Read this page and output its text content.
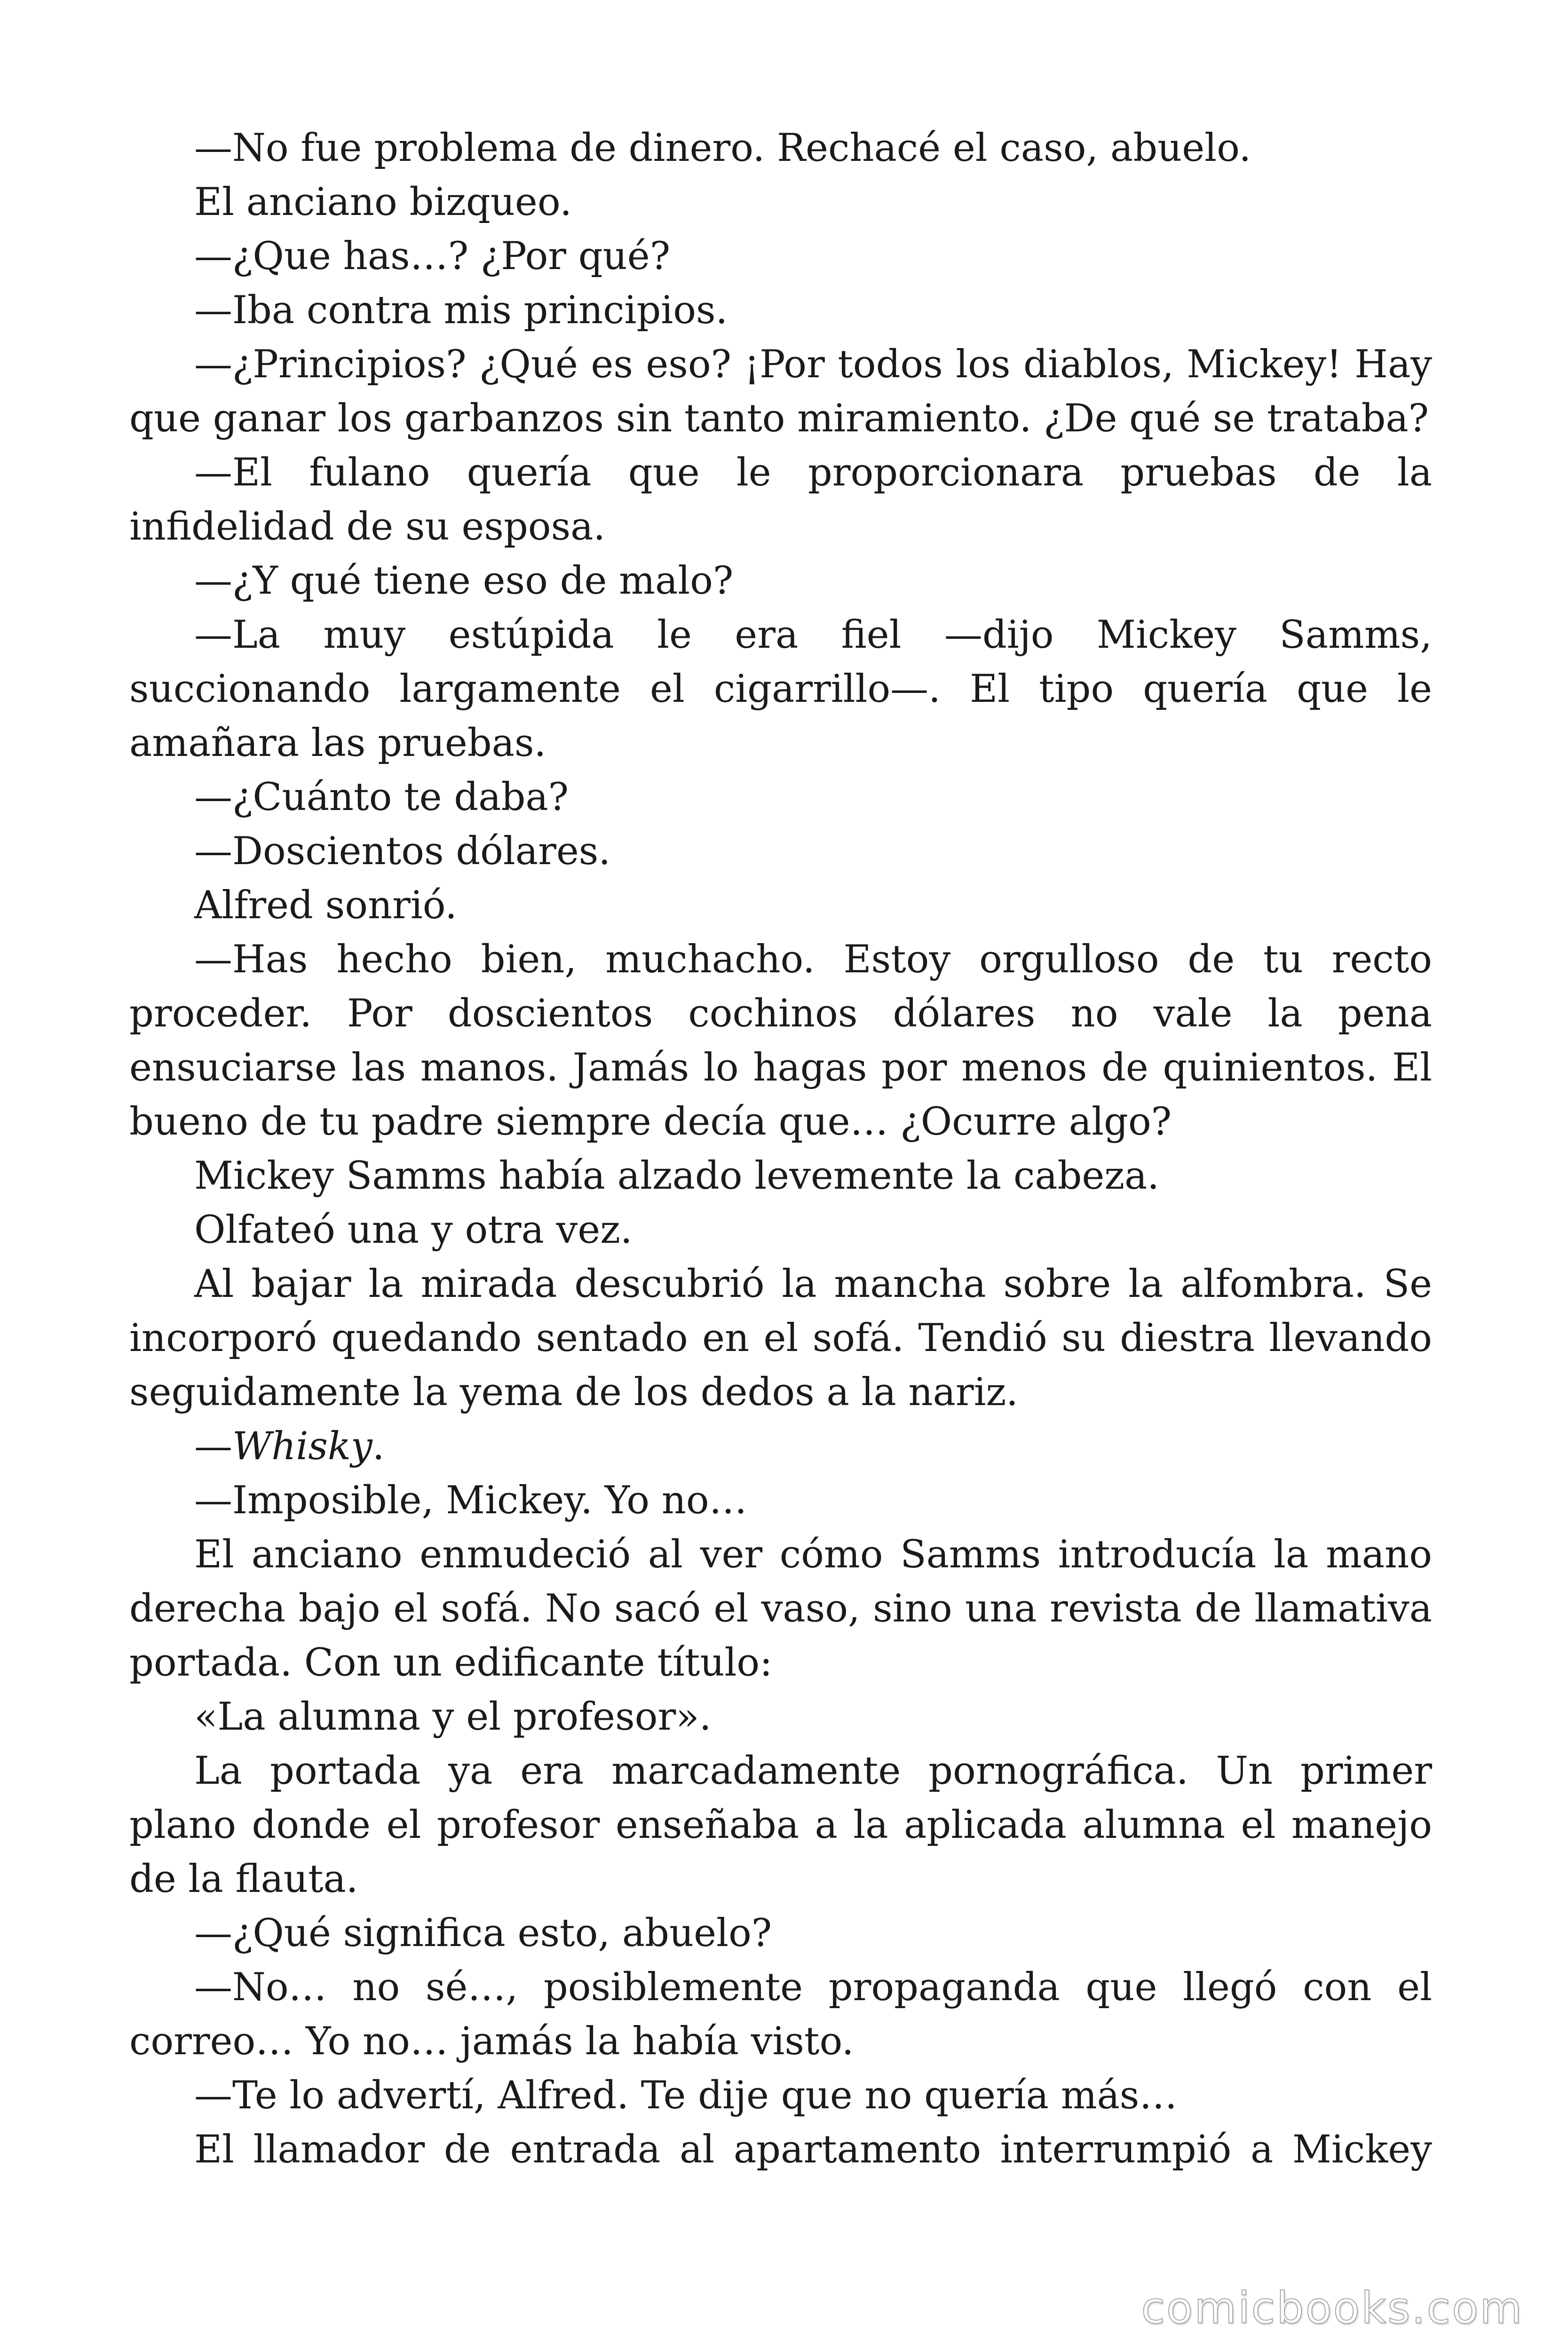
—No fue problema de dinero. Rechacé el caso, abuelo.

El anciano bizqueo.

—¿Que has…? ¿Por qué?

—Iba contra mis principios.

—¿Principios? ¿Qué es eso? ¡Por todos los diablos, Mickey! Hay que ganar los garbanzos sin tanto miramiento. ¿De qué se trataba?

—El fulano quería que le proporcionara pruebas de la infidelidad de su esposa.

—¿Y qué tiene eso de malo?

—La muy estúpida le era fiel —dijo Mickey Samms, succionando largamente el cigarrillo—. El tipo quería que le amañara las pruebas.

—¿Cuánto te daba?

—Doscientos dólares.

Alfred sonrió.

—Has hecho bien, muchacho. Estoy orgulloso de tu recto proceder. Por doscientos cochinos dólares no vale la pena ensuciarse las manos. Jamás lo hagas por menos de quinientos. El bueno de tu padre siempre decía que… ¿Ocurre algo?

Mickey Samms había alzado levemente la cabeza.

Olfateó una y otra vez.

Al bajar la mirada descubrió la mancha sobre la alfombra. Se incorporó quedando sentado en el sofá. Tendió su diestra llevando seguidamente la yema de los dedos a la nariz.

—Whisky.

—Imposible, Mickey. Yo no…

El anciano enmudeció al ver cómo Samms introducía la mano derecha bajo el sofá. No sacó el vaso, sino una revista de llamativa portada. Con un edificante título:

«La alumna y el profesor».

La portada ya era marcadamente pornográfica. Un primer plano donde el profesor enseñaba a la aplicada alumna el manejo de la flauta.

—¿Qué significa esto, abuelo?

—No… no sé…, posiblemente propaganda que llegó con el correo… Yo no… jamás la había visto.

—Te lo advertí, Alfred. Te dije que no quería más…

El llamador de entrada al apartamento interrumpió a Mickey

comicbooks.com
